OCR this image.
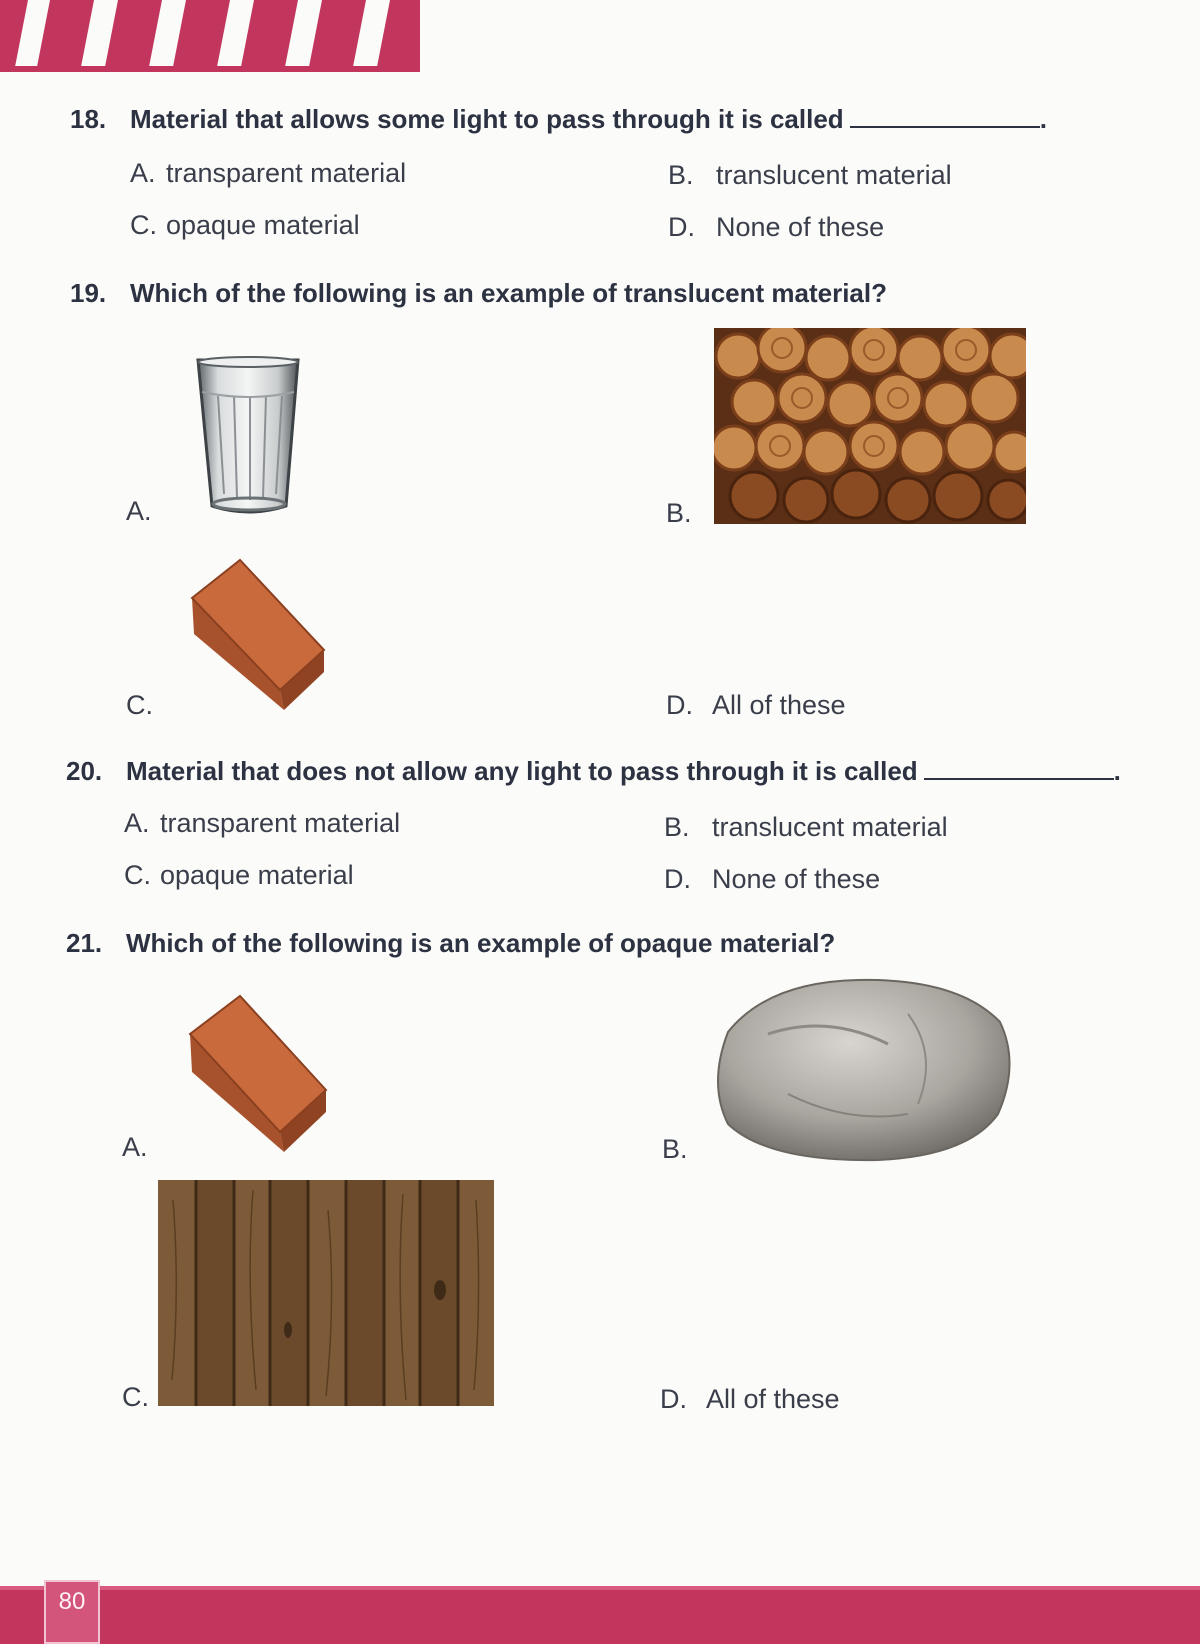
18. Material that allows some light to pass through it is called	.
A. transparent material	B. translucent material
C. opaque material	D. None of these
19. Which of the following is an example of translucent material?
A.	B.
C.	D. All of these
20. Material that does not allow any light to pass through it is called	.
A. transparent material	B. translucent material
C. opaque material	D. None of these
21. Which of the following is an example of opaque material?
A.	B.
C.	D. All of these
80
